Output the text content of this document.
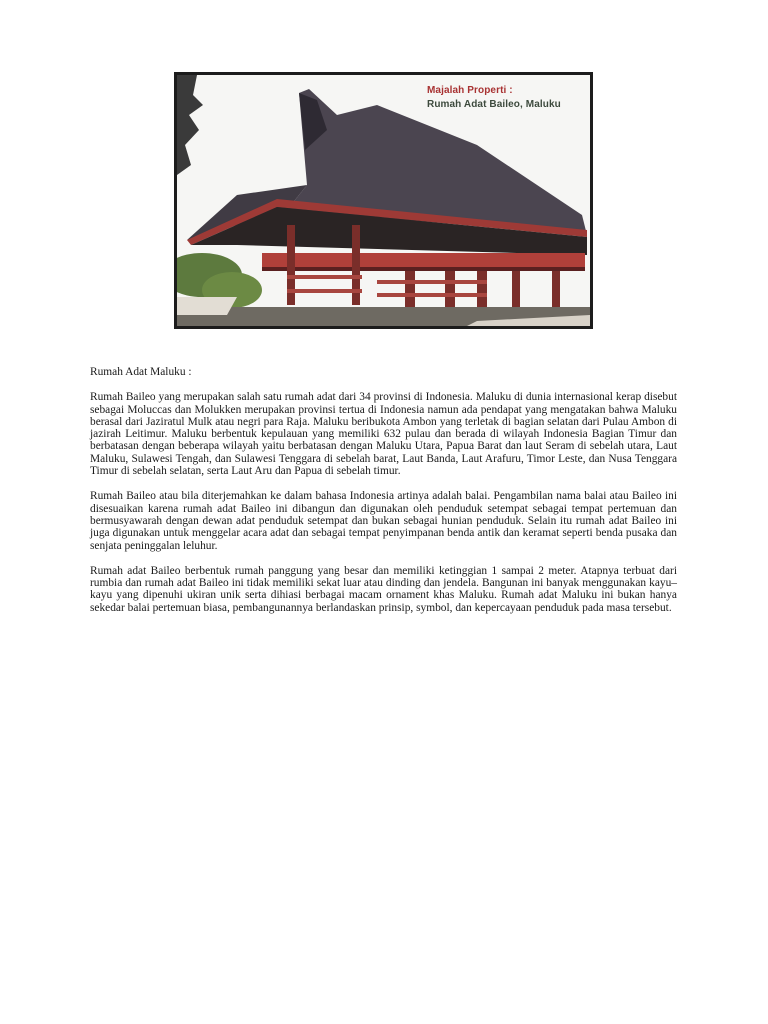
Majalah Properti :
Rumah Adat Baileo, Maluku
Rumah Adat Maluku :

Rumah Baileo yang merupakan salah satu rumah adat dari 34 provinsi di Indonesia. Maluku di dunia internasional kerap disebut sebagai Moluccas dan Molukken merupakan provinsi tertua di Indonesia namun ada pendapat yang mengatakan bahwa Maluku berasal dari Jaziratul Mulk atau negri para Raja. Maluku beribukota Ambon yang terletak di bagian selatan dari Pulau Ambon di jazirah Leitimur. Maluku berbentuk kepulauan yang memiliki 632 pulau dan berada di wilayah Indonesia Bagian Timur dan berbatasan dengan beberapa wilayah yaitu berbatasan dengan Maluku Utara, Papua Barat dan laut Seram di sebelah utara, Laut Maluku, Sulawesi Tengah, dan Sulawesi Tenggara di sebelah barat, Laut Banda, Laut Arafuru, Timor Leste, dan Nusa Tenggara Timur di sebelah selatan, serta Laut Aru dan Papua di sebelah timur.

Rumah Baileo atau bila diterjemahkan ke dalam bahasa Indonesia artinya adalah balai. Pengambilan nama balai atau Baileo ini disesuaikan karena rumah adat Baileo ini dibangun dan digunakan oleh penduduk setempat sebagai tempat pertemuan dan bermusyawarah dengan dewan adat penduduk setempat dan bukan sebagai hunian penduduk. Selain itu rumah adat Baileo ini juga digunakan untuk menggelar acara adat dan sebagai tempat penyimpanan benda antik dan keramat seperti benda pusaka dan senjata peninggalan leluhur.

Rumah adat Baileo berbentuk rumah panggung yang besar dan memiliki ketinggian 1 sampai 2 meter. Atapnya terbuat dari rumbia dan rumah adat Baileo ini tidak memiliki sekat luar atau dinding dan jendela. Bangunan ini banyak menggunakan kayu–kayu yang dipenuhi ukiran unik serta dihiasi berbagai macam ornament khas Maluku. Rumah adat Maluku ini bukan hanya sekedar balai pertemuan biasa, pembangunannya berlandaskan prinsip, symbol, dan kepercayaan penduduk pada masa tersebut.
